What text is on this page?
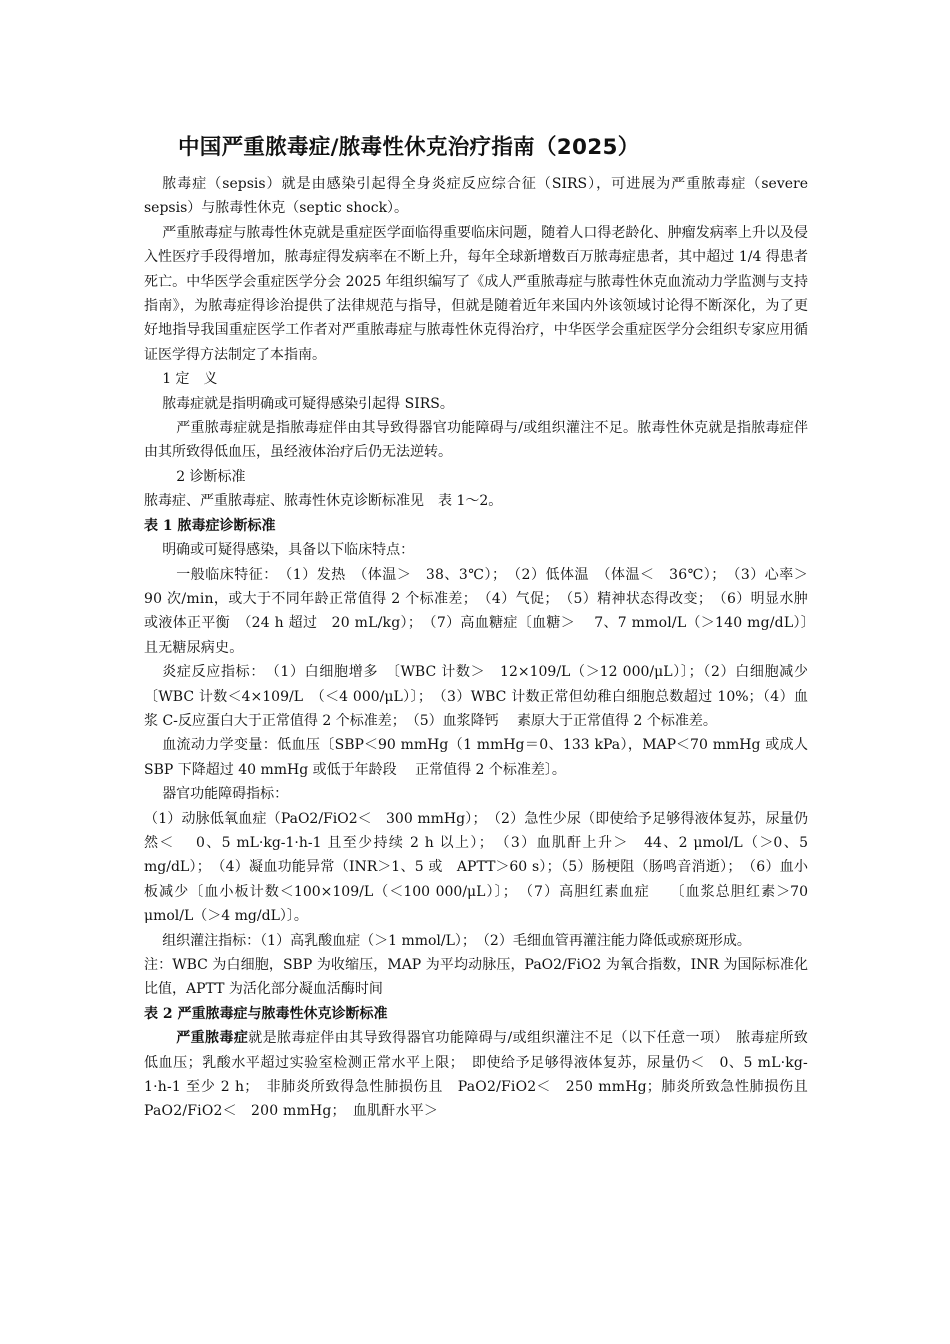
中国严重脓毒症/脓毒性休克治疗指南（2025）

脓毒症（sepsis）就是由感染引起得全身炎症反应综合征（SIRS），可进展为严重脓毒症（severe sepsis）与脓毒性休克（septic shock）。

严重脓毒症与脓毒性休克就是重症医学面临得重要临床问题，随着人口得老龄化、肿瘤发病率上升以及侵入性医疗手段得增加，脓毒症得发病率在不断上升，每年全球新增数百万脓毒症患者，其中超过 1/4 得患者死亡。中华医学会重症医学分会 2025 年组织编写了《成人严重脓毒症与脓毒性休克血流动力学监测与支持　 指南》，为脓毒症得诊治提供了法律规范与指导，但就是随着近年来国内外该领域讨论得不断深化，为了更好地指导我国重症医学工作者对严重脓毒症与脓毒性休克得治疗，中华医学会重症医学分会组织专家应用循证医学得方法制定了本指南。

1 定　义

脓毒症就是指明确或可疑得感染引起得 SIRS。

严重脓毒症就是指脓毒症伴由其导致得器官功能障碍与/或组织灌注不足。脓毒性休克就是指脓毒症伴由其所致得低血压，虽经液体治疗后仍无法逆转。

2 诊断标准

脓毒症、严重脓毒症、脓毒性休克诊断标准见　表 1～2。

表 1 脓毒症诊断标准

明确或可疑得感染，具备以下临床特点：

一般临床特征：　（1）发热　（体温＞　38、3℃）；　（2）低体温　（体温＜　36℃）；　（3）心率＞　90 次/min，或大于不同年龄正常值得 2 个标准差；　（4）气促；　（5）精神状态得改变；　（6）明显水肿或液体正平衡　（24 h 超过　20 mL/kg）；　（7）高血糖症〔血糖＞　 7、7 mmol/L（＞140 mg/dL）〕且无糖尿病史。

炎症反应指标：　（1）白细胞增多　〔WBC 计数＞　12×109/L（＞12 000/μL）〕；（2）白细胞减少　〔WBC 计数＜4×109/L　（＜4 000/μL）〕；　（3）WBC 计数正常但幼稚白细胞总数超过 10%；（4）血浆 C-反应蛋白大于正常值得 2 个标准差；　（5）血浆降钙　 素原大于正常值得 2 个标准差。

血流动力学变量：低血压〔SBP＜90 mmHg（1 mmHg＝0、133 kPa），MAP＜70 mmHg 或成人 SBP 下降超过 40 mmHg 或低于年龄段　 正常值得 2 个标准差〕。

器官功能障碍指标：

（1）动脉低氧血症（PaO2/FiO2＜　300 mmHg）；　（2）急性少尿（即使给予足够得液体复苏，尿量仍然＜　 0、5 mL·kg-1·h-1 且至少持续 2 h 以上）；　（3）血肌酐上升＞　44、2 μmol/L（＞0、5 mg/dL）；　（4）凝血功能异常（INR＞1、5 或　APTT＞60 s）；（5）肠梗阻（肠鸣音消逝）；　（6）血小板减少〔血小板计数＜100×109/L（＜100 000/μL）〕；　（7）高胆红素血症　 〔血浆总胆红素＞70 μmol/L（＞4 mg/dL）〕。

组织灌注指标：（1）高乳酸血症（＞1 mmol/L）；　（2）毛细血管再灌注能力降低或瘀斑形成。

注：WBC 为白细胞，SBP 为收缩压，MAP 为平均动脉压，PaO2/FiO2 为氧合指数，INR 为国际标准化比值，APTT 为活化部分凝血活酶时间

表 2 严重脓毒症与脓毒性休克诊断标准

严重脓毒症就是脓毒症伴由其导致得器官功能障碍与/或组织灌注不足（以下任意一项）　脓毒症所致低血压；乳酸水平超过实验室检测正常水平上限；　即使给予足够得液体复苏，尿量仍＜　0、5 mL·kg-1·h-1 至少 2 h；　非肺炎所致得急性肺损伤且　PaO2/FiO2＜　250 mmHg；肺炎所致急性肺损伤且 PaO2/FiO2＜　200 mmHg；　血肌酐水平＞
